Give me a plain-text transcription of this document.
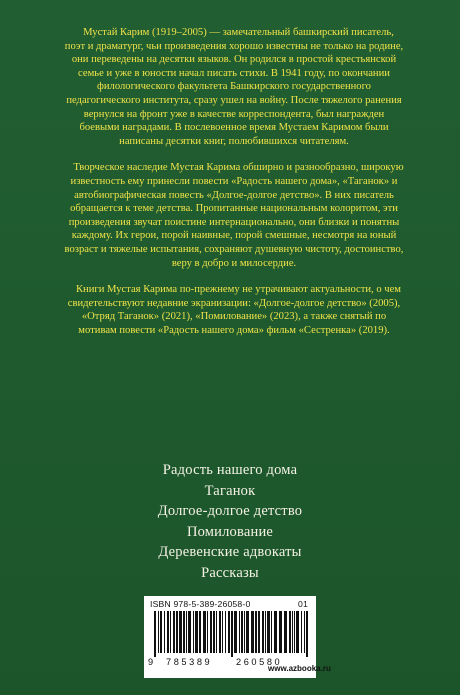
Мустай Карим (1919–2005) — замечательный башкирский писатель, поэт и драматург, чьи произведения хорошо известны не только на родине, они переведены на десятки языков. Он родился в простой крестьянской семье и уже в юности начал писать стихи. В 1941 году, по окончании филологического факультета Башкирского государственного педагогического института, сразу ушел на войну. После тяжелого ранения вернулся на фронт уже в качестве корреспондента, был награжден боевыми наградами. В послевоенное время Мустаем Каримом были написаны десятки книг, полюбившихся читателям.

Творческое наследие Мустая Карима обширно и разнообразно, широкую известность ему принесли повести «Радость нашего дома», «Таганок» и автобиографическая повесть «Долгое-долгое детство». В них писатель обращается к теме детства. Пропитанные национальным колоритом, эти произведения звучат поистине интернационально, они близки и понятны каждому. Их герои, порой наивные, порой смешные, несмотря на юный возраст и тяжелые испытания, сохраняют душевную чистоту, достоинство, веру в добро и милосердие.

Книги Мустая Карима по-прежнему не утрачивают актуальности, о чем свидетельствуют недавние экранизации: «Долгое-долгое детство» (2005), «Отряд Таганок» (2021), «Помилование» (2023), а также снятый по мотивам повести «Радость нашего дома» фильм «Сестренка» (2019).

Радость нашего дома
Таганок
Долгое-долгое детство
Помилование
Деревенские адвокаты
Рассказы
ISBN 978-5-389-26058-0	01
9 785389	260580
www.azbooka.ru
